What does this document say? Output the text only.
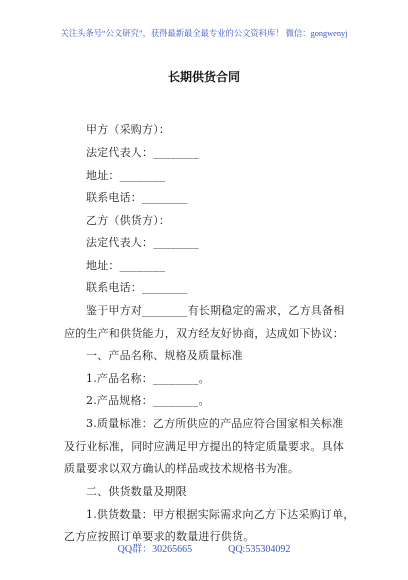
关注头条号“公文研究”，获得最新最全最专业的公文资料库！ 微信：gongwenyj
长期供货合同
甲方（采购方）：
法定代表人：________
地址：________
联系电话：________
乙方（供货方）：
法定代表人：________
地址：________
联系电话：________
鉴于甲方对________有长期稳定的需求，乙方具备相
应的生产和供货能力，双方经友好协商，达成如下协议：
一、产品名称、规格及质量标准
1.产品名称：________。
2.产品规格：________。
3.质量标准：乙方所供应的产品应符合国家相关标准
及行业标准，同时应满足甲方提出的特定质量要求。具体
质量要求以双方确认的样品或技术规格书为准。
二、供货数量及期限
1.供货数量：甲方根据实际需求向乙方下达采购订单，
乙方应按照订单要求的数量进行供货。
QQ群：30265665	QQ:535304092
